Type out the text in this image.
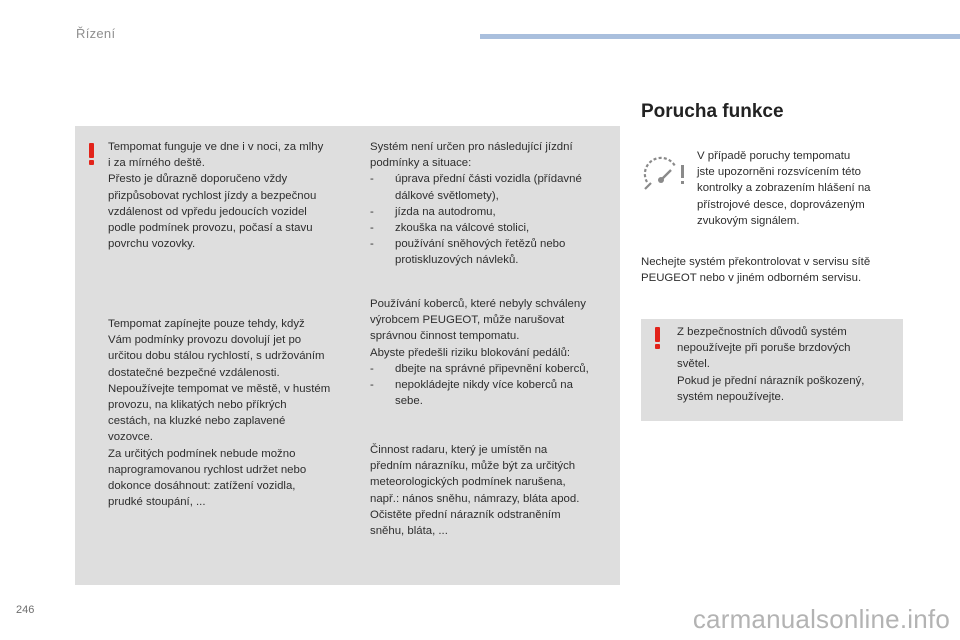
Řízení
Tempomat funguje ve dne i v noci, za mlhy
i za mírného deště.
Přesto je důrazně doporučeno vždy
přizpůsobovat rychlost jízdy a bezpečnou
vzdálenost od vpředu jedoucích vozidel
podle podmínek provozu, počasí a stavu
povrchu vozovky.
Tempomat zapínejte pouze tehdy, když
Vám podmínky provozu dovolují jet po
určitou dobu stálou rychlostí, s udržováním
dostatečné bezpečné vzdálenosti.
Nepoužívejte tempomat ve městě, v hustém
provozu, na klikatých nebo příkrých
cestách, na kluzké nebo zaplavené
vozovce.
Za určitých podmínek nebude možno
naprogramovanou rychlost udržet nebo
dokonce dosáhnout: zatížení vozidla,
prudké stoupání, ...
Systém není určen pro následující jízdní
podmínky a situace:
- úprava přední části vozidla (přídavné
dálkové světlomety),
- jízda na autodromu,
- zkouška na válcové stolici,
- používání sněhových řetězů nebo
protiskluzových návleků.
Používání koberců, které nebyly schváleny
výrobcem PEUGEOT, může narušovat
správnou činnost tempomatu.
Abyste předešli riziku blokování pedálů:
- dbejte na správné připevnění koberců,
- nepokládejte nikdy více koberců na
sebe.
Činnost radaru, který je umístěn na
předním nárazníku, může být za určitých
meteorologických podmínek narušena,
např.: nános sněhu, námrazy, bláta apod.
Očistěte přední nárazník odstraněním
sněhu, bláta, ...
Porucha funkce
V případě poruchy tempomatu
jste upozorněni rozsvícením této
kontrolky a zobrazením hlášení na
přístrojové desce, doprovázeným
zvukovým signálem.
Nechejte systém překontrolovat v servisu sítě
PEUGEOT nebo v jiném odborném servisu.
Z bezpečnostních důvodů systém
nepoužívejte při poruše brzdových
světel.
Pokud je přední nárazník poškozený,
systém nepoužívejte.
246	carmanualsonline.info
